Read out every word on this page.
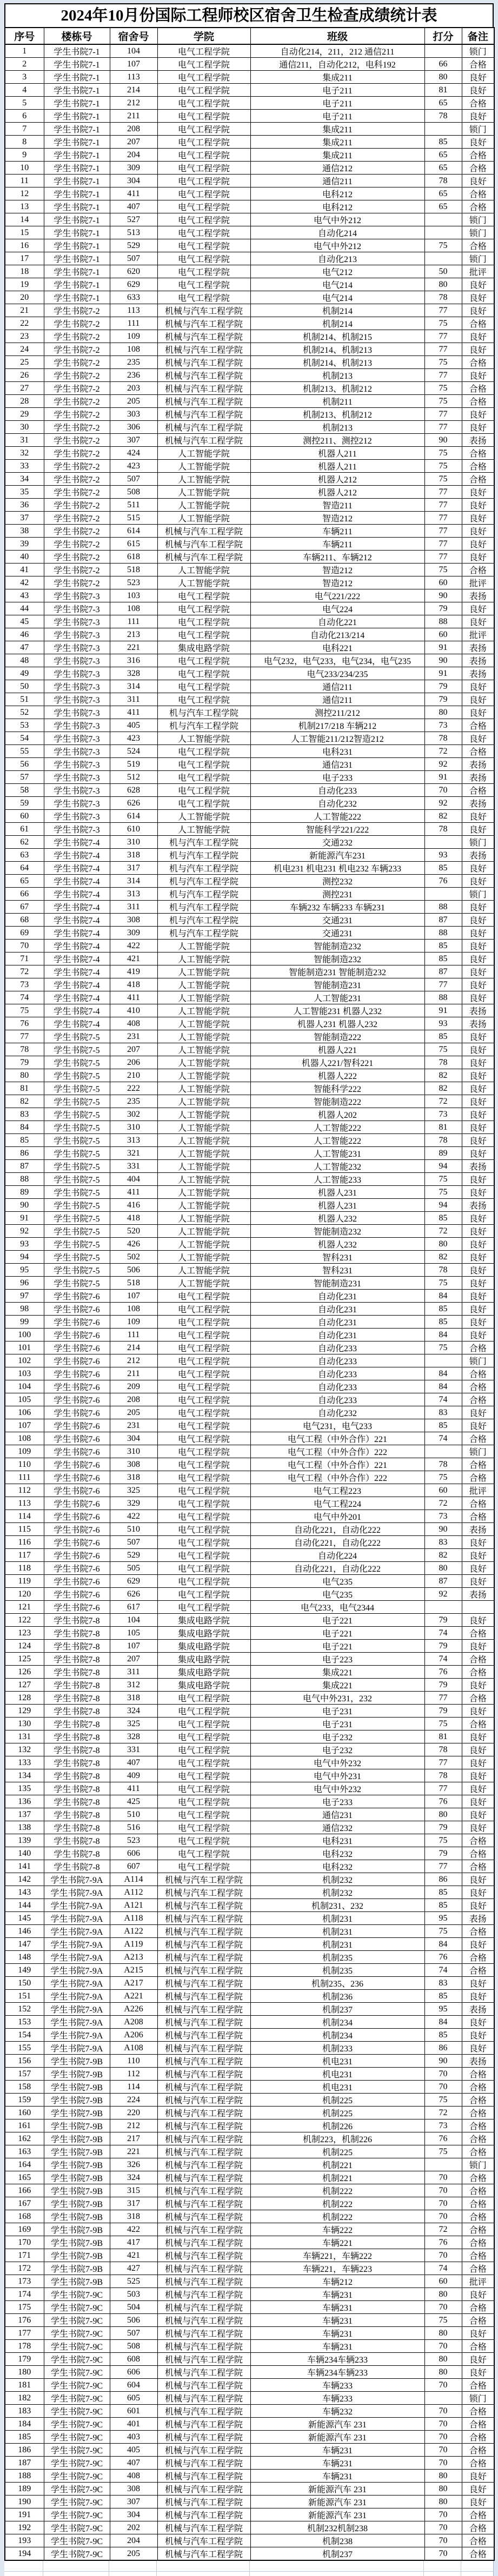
2024年10月份国际工程师校区宿舍卫生检查成绩统计表
序号	楼栋号	宿舍号	学院	班级	打分	备注
1	学生书院7-1	104	电气工程学院	自动化214，211，212 通信211		锁门
2	学生书院7-1	107	电气工程学院	通信211，自动化212，电科192	66	合格
3	学生书院7-1	113	电气工程学院	集成211	80	良好
4	学生书院7-1	214	电气工程学院	电子211	81	良好
5	学生书院7-1	212	电气工程学院	电子211	65	合格
6	学生书院7-1	211	电气工程学院	电子211	78	良好
7	学生书院7-1	208	电气工程学院	集成211		锁门
8	学生书院7-1	207	电气工程学院	集成211	85	良好
9	学生书院7-1	204	电气工程学院	集成211	65	合格
10	学生书院7-1	309	电气工程学院	通信212	65	合格
11	学生书院7-1	304	电气工程学院	通信211	78	良好
12	学生书院7-1	411	电气工程学院	电科212	65	合格
13	学生书院7-1	407	电气工程学院	电科212	65	合格
14	学生书院7-1	527	电气工程学院	电气中外212		锁门
15	学生书院7-1	513	电气工程学院	自动化214		锁门
16	学生书院7-1	529	电气工程学院	电气中外212	75	合格
17	学生书院7-1	507	电气工程学院	自动化213		锁门
18	学生书院7-1	620	电气工程学院	电气212	50	批评
19	学生书院7-1	629	电气工程学院	电气214	80	良好
20	学生书院7-1	633	电气工程学院	电气214	78	良好
21	学生书院7-2	113	机械与汽车工程学院	机制214	77	良好
22	学生书院7-2	111	机械与汽车工程学院	机制214	75	合格
23	学生书院7-2	109	机械与汽车工程学院	机制214、机制215	77	良好
24	学生书院7-2	108	机械与汽车工程学院	机制214、机制213	77	良好
25	学生书院7-2	235	机械与汽车工程学院	机制214、机制213	75	合格
26	学生书院7-2	236	机械与汽车工程学院	机制213	77	良好
27	学生书院7-2	203	机械与汽车工程学院	机制213、机制212	75	合格
28	学生书院7-2	205	机械与汽车工程学院	机制211	75	合格
29	学生书院7-2	303	机械与汽车工程学院	机制213、机制212	77	良好
30	学生书院7-2	306	机械与汽车工程学院	机制213	77	良好
31	学生书院7-2	307	机械与汽车工程学院	测控211、测控212	90	表扬
32	学生书院7-2	424	人工智能学院	机器人211	75	合格
33	学生书院7-2	423	人工智能学院	机器人211	75	合格
34	学生书院7-2	507	人工智能学院	机器人212	75	合格
35	学生书院7-2	508	人工智能学院	机器人212	77	良好
36	学生书院7-2	511	人工智能学院	智造211	77	良好
37	学生书院7-2	515	人工智能学院	智造212	77	良好
38	学生书院7-2	614	机械与汽车工程学院	车辆211	77	良好
39	学生书院7-2	615	机械与汽车工程学院	车辆211	77	良好
40	学生书院7-2	618	机械与汽车工程学院	车辆211、车辆212	77	良好
41	学生书院7-2	518	人工智能学院	智造212	75	合格
42	学生书院7-2	523	人工智能学院	智造212	60	批评
43	学生书院7-3	103	电气工程学院	电气221/222	90	表扬
44	学生书院7-3	108	电气工程学院	电气224	79	良好
45	学生书院7-3	111	电气工程学院	自动化221	88	良好
46	学生书院7-3	213	电气工程学院	自动化213/214	60	批评
47	学生书院7-3	221	集成电路学院	电科221	91	表扬
48	学生书院7-3	316	电气工程学院	电气232，电气233，电气234，电气235	90	表扬
49	学生书院7-3	328	电气工程学院	电气233/234/235	91	表扬
50	学生书院7-3	314	电气工程学院	通信211	79	良好
51	学生书院7-3	311	电气工程学院	通信211	79	良好
52	学生书院7-3	411	机与汽车工程学院	测控211/212	80	良好
53	学生书院7-3	405	机与汽车工程学院	机制217/218 车辆212	73	合格
54	学生书院7-3	423	人工智能学院	人工智能211/212智造212	78	良好
55	学生书院7-3	524	电气工程学院	电科231	72	合格
56	学生书院7-3	519	电气工程学院	通信231	92	表扬
57	学生书院7-3	512	电气工程学院	电子233	91	表扬
58	学生书院7-3	628	电气工程学院	自动化233	70	合格
59	学生书院7-3	626	电气工程学院	自动化232	92	表扬
60	学生书院7-3	614	人工智能学院	人工智能222	82	良好
61	学生书院7-3	610	人工智能学院	智能科学221/222	78	良好
62	学生书院7-4	310	机与汽车工程学院	交通232		锁门
63	学生书院7-4	318	机与汽车工程学院	新能源汽车231	93	表扬
64	学生书院7-4	317	机与汽车工程学院	机电231 机电231 机电232 车辆233	85	良好
65	学生书院7-4	314	机与汽车工程学院	测控232	76	良好
66	学生书院7-4	313	机与汽车工程学院	测控231		锁门
67	学生书院7-4	311	机与汽车工程学院	车辆232 车辆233 车辆231	88	良好
68	学生书院7-4	308	机与汽车工程学院	交通231	87	良好
69	学生书院7-4	309	机与汽车工程学院	交通231	88	良好
70	学生书院7-4	422	人工智能学院	智能制造232	85	良好
71	学生书院7-4	421	人工智能学院	智能制造232	85	良好
72	学生书院7-4	419	人工智能学院	智能制造231 智能制造232	87	良好
73	学生书院7-4	418	人工智能学院	智能制造231	77	良好
74	学生书院7-4	411	人工智能学院	人工智能231	88	良好
75	学生书院7-4	410	人工智能学院	人工智能231 机器人232	91	表扬
76	学生书院7-4	408	人工智能学院	机器人231 机器人232	93	表扬
77	学生书院7-5	231	人工智能学院	智能制造222	85	良好
78	学生书院7-5	207	人工智能学院	机器人221	75	良好
79	学生书院7-5	206	人工智能学院	机器人221/智科221	78	良好
80	学生书院7-5	210	人工智能学院	机器人222	82	良好
81	学生书院7-5	222	人工智能学院	智能科学222	82	良好
82	学生书院7-5	235	人工智能学院	智能制造222	72	良好
83	学生书院7-5	302	人工智能学院	机器人202	73	良好
84	学生书院7-5	310	人工智能学院	人工智能222	81	良好
85	学生书院7-5	313	人工智能学院	人工智能222	78	良好
86	学生书院7-5	321	人工智能学院	人工智能231	89	良好
87	学生书院7-5	331	人工智能学院	人工智能232	94	表扬
88	学生书院7-5	404	人工智能学院	人工智能233	75	良好
89	学生书院7-5	411	人工智能学院	机器人231	75	良好
90	学生书院7-5	416	人工智能学院	机器人231	94	表扬
91	学生书院7-5	418	人工智能学院	机器人232	85	良好
92	学生书院7-5	520	人工智能学院	智能制造232	72	良好
93	学生书院7-5	426	人工智能学院	机器人232	80	良好
94	学生书院7-5	502	人工智能学院	智科231	82	良好
95	学生书院7-5	506	人工智能学院	智科231	78	良好
96	学生书院7-5	518	人工智能学院	智能制造231	75	良好
97	学生书院7-6	107	电气工程学院	自动化231	84	良好
98	学生书院7-6	108	电气工程学院	自动化231	85	良好
99	学生书院7-6	109	电气工程学院	自动化231	85	良好
100	学生书院7-6	111	电气工程学院	自动化231	84	良好
101	学生书院7-6	214	电气工程学院	自动化233	75	合格
102	学生书院7-6	212	电气工程学院	自动化233		锁门
103	学生书院7-6	211	电气工程学院	自动化233	84	合格
104	学生书院7-6	209	电气工程学院	自动化233	84	合格
105	学生书院7-6	208	电气工程学院	自动化233	74	合格
106	学生书院7-6	205	电气工程学院	自动化232	83	良好
107	学生书院7-6	231	电气工程学院	电气231，电气233	85	良好
108	学生书院7-6	304	电气工程学院	电气工程（中外合作）221	74	合格
109	学生书院7-6	310	电气工程学院	电气工程（中外合作）222		锁门
110	学生书院7-6	308	电气工程学院	电气工程（中外合作）221	78	合格
111	学生书院7-6	318	电气工程学院	电气工程（中外合作）222	75	合格
112	学生书院7-6	325	电气工程学院	电气工程223	60	批评
113	学生书院7-6	329	电气工程学院	电气工程224	72	合格
114	学生书院7-6	422	电气工程学院	电气中外201	73	合格
115	学生书院7-6	510	电气工程学院	自动化221，自动化222	90	表扬
116	学生书院7-6	507	电气工程学院	自动化221，自动化222	83	良好
117	学生书院7-6	529	电气工程学院	自动化224	82	良好
118	学生书院7-6	505	电气工程学院	自动化221，自动化222	80	良好
119	学生书院7-6	629	电气工程学院	电气235	87	良好
120	学生书院7-6	626	电气工程学院	电气235	92	表扬
121	学生书院7-6	617	电气工程学院	电气233，电气2344		
122	学生书院7-8	104	集成电路学院	电子221	79	良好
123	学生书院7-8	105	集成电路学院	电子221	74	合格
124	学生书院7-8	107	集成电路学院	电子221	79	良好
125	学生书院7-8	207	集成电路学院	电子223	74	合格
126	学生书院7-8	311	集成电路学院	集成221	76	合格
127	学生书院7-8	312	集成电路学院	集成221	79	良好
128	学生书院7-8	318	电气工程学院	电气中外231，232	77	合格
129	学生书院7-8	324	电气工程学院	电子231	79	良好
130	学生书院7-8	325	电气工程学院	电子231	75	合格
131	学生书院7-8	328	电气工程学院	电子232	81	良好
132	学生书院7-8	331	电气工程学院	电子232	78	良好
133	学生书院7-8	407	电气工程学院	电气中外232	77	良好
134	学生书院7-8	409	电气工程学院	电气中外231	78	良好
135	学生书院7-8	411	电气工程学院	电气中外232	77	良好
136	学生书院7-8	425	电气工程学院	电子233	76	良好
137	学生书院7-8	510	电气工程学院	通信231	80	良好
138	学生书院7-8	516	电气工程学院	通信232	79	良好
139	学生书院7-8	523	电气工程学院	电科231	75	合格
140	学生书院7-8	606	电气工程学院	电科232	79	合格
141	学生书院7-8	607	电气工程学院	电科232	77	合格
142	学生书院7-9A	A114	机械与汽车工程学院	机制232	86	良好
143	学生书院7-9A	A112	机械与汽车工程学院	机制232	85	良好
144	学生书院7-9A	A121	机械与汽车工程学院	机制231、232	85	良好
145	学生书院7-9A	A118	机械与汽车工程学院	机制231	95	表扬
146	学生书院7-9A	A122	机械与汽车工程学院	机制231	75	合格
147	学生书院7-9A	A119	机械与汽车工程学院	机制231	84	良好
148	学生书院7-9A	A213	机械与汽车工程学院	机制235	76	合格
149	学生书院7-9A	A215	机械与汽车工程学院	机制235	74	合格
150	学生书院7-9A	A217	机械与汽车工程学院	机制235、236	83	良好
151	学生书院7-9A	A221	机械与汽车工程学院	机制236	85	良好
152	学生书院7-9A	A226	机械与汽车工程学院	机制237	95	表扬
153	学生书院7-9A	A208	机械与汽车工程学院	机制234	84	良好
154	学生书院7-9A	A206	机械与汽车工程学院	机制234	85	良好
155	学生书院7-9A	A108	机械与汽车工程学院	机制233	86	良好
156	学生书院7-9B	110	机械与汽车工程学院	机电231	90	表扬
157	学生书院7-9B	112	机械与汽车工程学院	机电231	70	合格
158	学生书院7-9B	114	机械与汽车工程学院	机电231	70	合格
159	学生书院7-9B	224	机械与汽车工程学院	机制225	75	合格
160	学生书院7-9B	220	机械与汽车工程学院	机制225	72	合格
161	学生书院7-9B	212	机械与汽车工程学院	机制226	73	合格
162	学生书院7-9B	217	机械与汽车工程学院	机制223，机制226	76	合格
163	学生书院7-9B	221	机械与汽车工程学院	机制225	75	合格
164	学生书院7-9B	326	机械与汽车工程学院	机制221		锁门
165	学生书院7-9B	324	机械与汽车工程学院	机制221	70	合格
166	学生书院7-9B	315	机械与汽车工程学院	机制222	70	合格
167	学生书院7-9B	317	机械与汽车工程学院	机制222	70	合格
168	学生书院7-9B	318	机械与汽车工程学院	机制222	70	合格
169	学生书院7-9B	422	机械与汽车工程学院	车辆222	72	合格
170	学生书院7-9B	417	机械与汽车工程学院	车辆221	76	合格
171	学生书院7-9B	421	机械与汽车工程学院	车辆221，车辆222	70	合格
172	学生书院7-9B	427	机械与汽车工程学院	车辆221，车辆223	74	合格
173	学生书院7-9B	525	机械与汽车工程学院	车辆212	60	批评
174	学生书院7-9C	503	机械与汽车工程学院	车辆231	80	良好
175	学生书院7-9C	504	机械与汽车工程学院	车辆231	70	合格
176	学生书院7-9C	506	机械与汽车工程学院	车辆231	75	合格
177	学生书院7-9C	507	机械与汽车工程学院	车辆231	80	良好
178	学生书院7-9C	508	机械与汽车工程学院	车辆231	70	合格
179	学生书院7-9C	608	机械与汽车工程学院	车辆234车辆233	80	良好
180	学生书院7-9C	606	机械与汽车工程学院	车辆234车辆233	80	良好
181	学生书院7-9C	604	机械与汽车工程学院	车辆233	70	合格
182	学生书院7-9C	605	机械与汽车工程学院	车辆233		锁门
183	学生书院7-9C	601	机械与汽车工程学院	车辆232	70	合格
184	学生书院7-9C	401	机械与汽车工程学院	新能源汽车 231	70	合格
185	学生书院7-9C	403	机械与汽车工程学院	新能源汽车 231	70	合格
186	学生书院7-9C	405	机械与汽车工程学院	车辆231	70	合格
187	学生书院7-9C	407	机械与汽车工程学院	车辆231	70	合格
188	学生书院7-9C	408	机械与汽车工程学院	车辆231	80	良好
189	学生书院7-9C	308	机械与汽车工程学院	新能源汽车 231	80	良好
190	学生书院7-9C	307	机械与汽车工程学院	新能源汽车 231	80	良好
191	学生书院7-9C	304	机械与汽车工程学院	新能源汽车 231	70	合格
192	学生书院7-9C	202	机械与汽车工程学院	机制232机制238	70	合格
193	学生书院7-9C	204	机械与汽车工程学院	机制238	70	合格
194	学生书院7-9C	205	机械与汽车工程学院	机制237	70	合格
